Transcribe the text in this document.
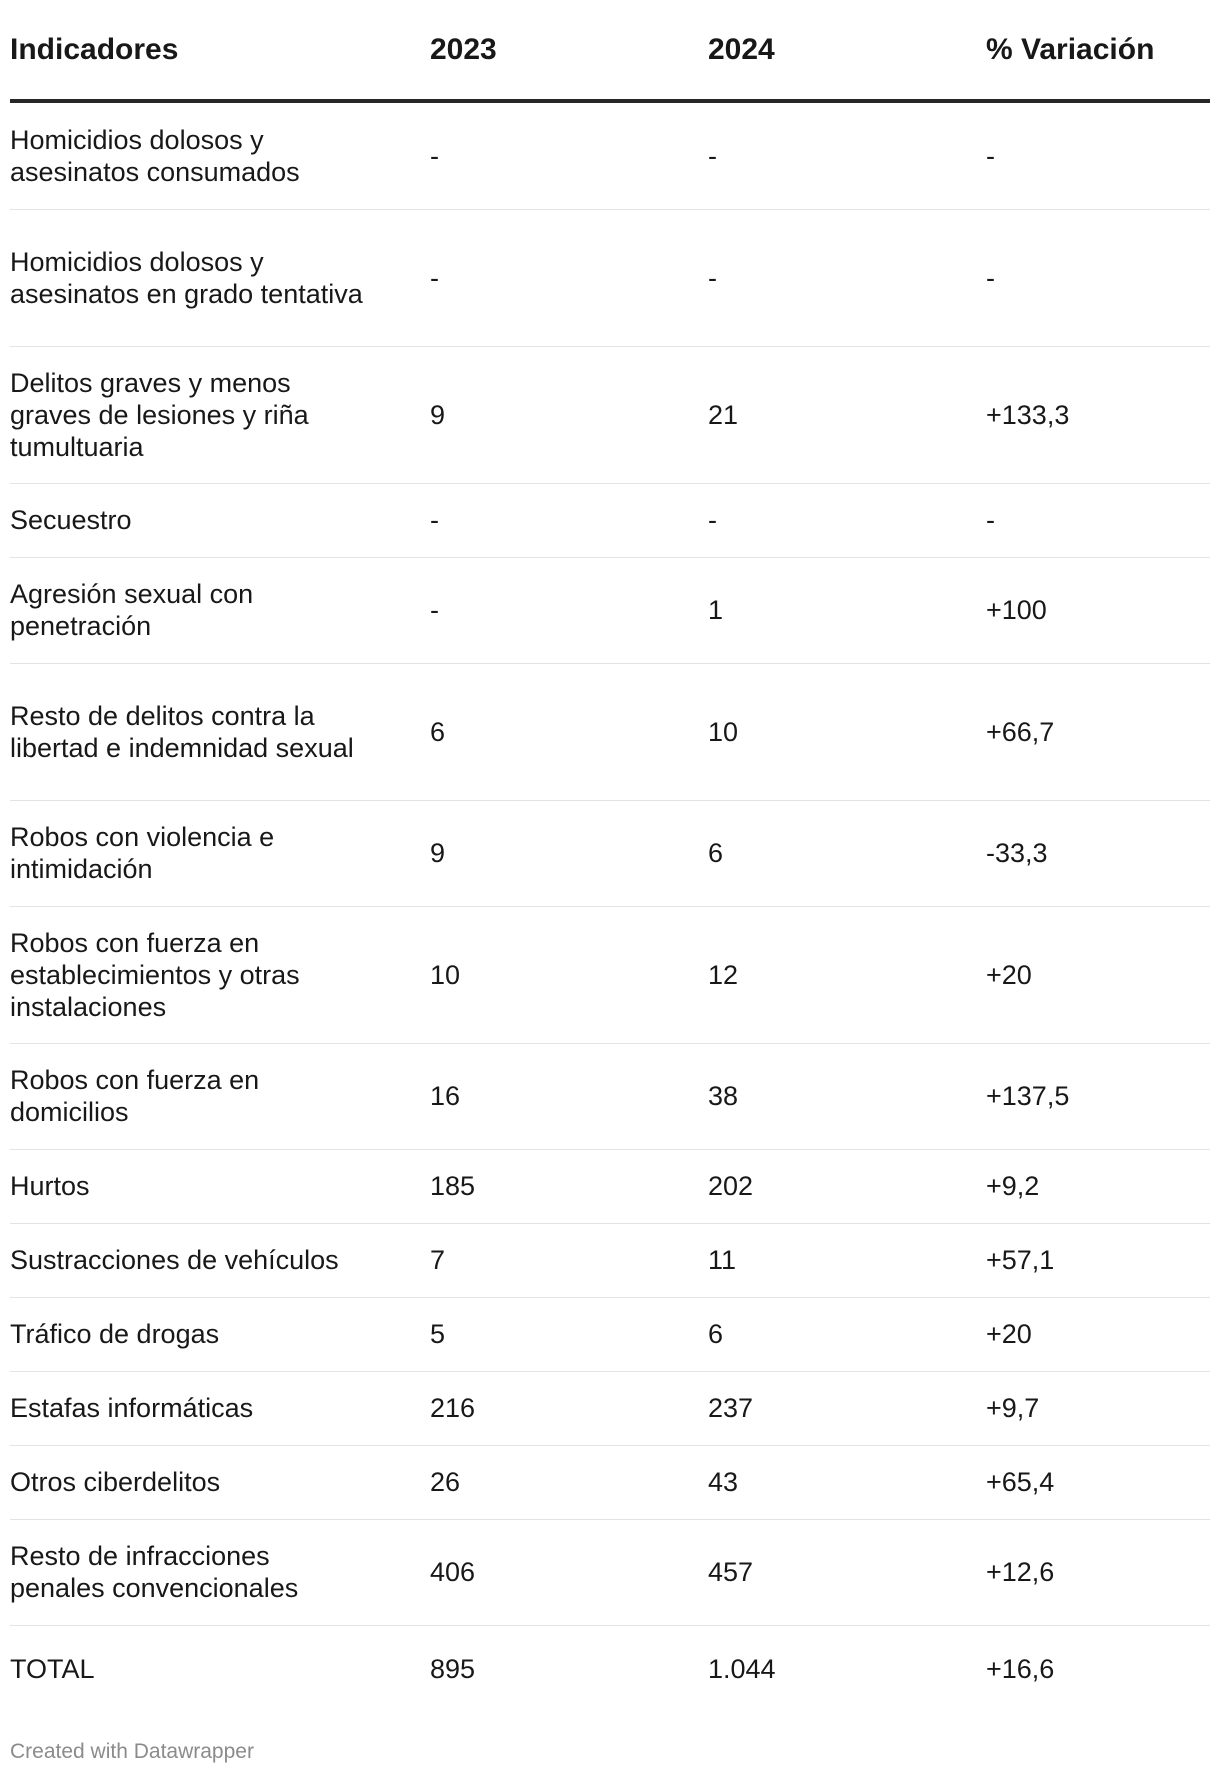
Indicadores	2023	2024	% Variación
Homicidios dolosos y asesinatos consumados	-	-	-
Homicidios dolosos y asesinatos en grado tentativa	-	-	-
Delitos graves y menos graves de lesiones y riña tumultuaria	9	21	+133,3
Secuestro	-	-	-
Agresión sexual con penetración	-	1	+100
Resto de delitos contra la libertad e indemnidad sexual	6	10	+66,7
Robos con violencia e intimidación	9	6	-33,3
Robos con fuerza en establecimientos y otras instalaciones	10	12	+20
Robos con fuerza en domicilios	16	38	+137,5
Hurtos	185	202	+9,2
Sustracciones de vehículos	7	11	+57,1
Tráfico de drogas	5	6	+20
Estafas informáticas	216	237	+9,7
Otros ciberdelitos	26	43	+65,4
Resto de infracciones penales convencionales	406	457	+12,6
TOTAL	895	1.044	+16,6
Created with Datawrapper
